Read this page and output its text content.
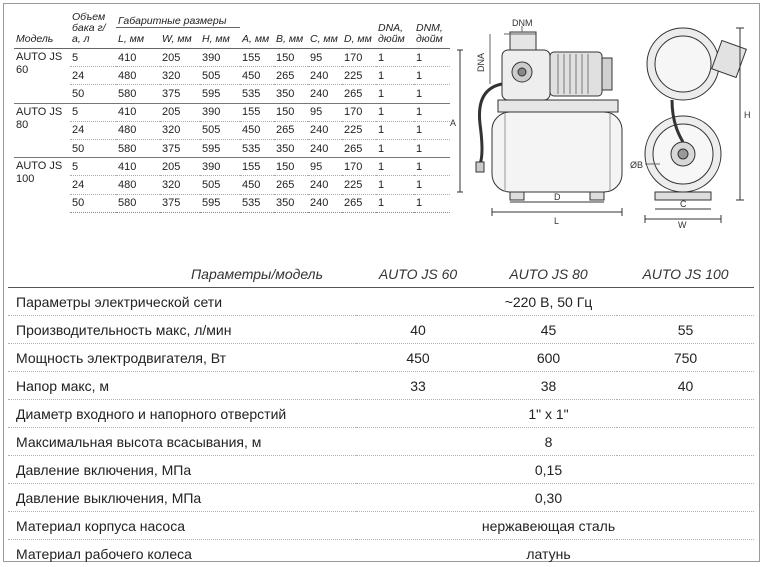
Модель	Объем бака г/а, л	Габаритные размеры			A, мм	B, мм	C, мм	D, мм	DNA, дюйм	DNM, дюйм
		L, мм	W, мм	H, мм						
AUTO JS 60	5	410	205	390	155	150	95	170	1	1
	24	480	320	505	450	265	240	225	1	1
	50	580	375	595	535	350	240	265	1	1
AUTO JS 80	5	410	205	390	155	150	95	170	1	1
	24	480	320	505	450	265	240	225	1	1
	50	580	375	595	535	350	240	265	1	1
AUTO JS 100	5	410	205	390	155	150	95	170	1	1
	24	480	320	505	450	265	240	225	1	1
	50	580	375	595	535	350	240	265	1	1
DNM
DNA
A
D
L
H
ØB
C
W
Параметры/модель	AUTO JS 60	AUTO JS 80	AUTO JS 100
Параметры электрической сети		~220 В, 50 Гц	
Производительность макс, л/мин	40	45	55
Мощность электродвигателя, Вт	450	600	750
Напор макс, м	33	38	40
Диаметр входного и напорного отверстий		1" х 1"	
Максимальная высота всасывания, м		8	
Давление включения, МПа		0,15	
Давление выключения, МПа		0,30	
Материал корпуса насоса		нержавеющая сталь	
Материал рабочего колеса		латунь	
